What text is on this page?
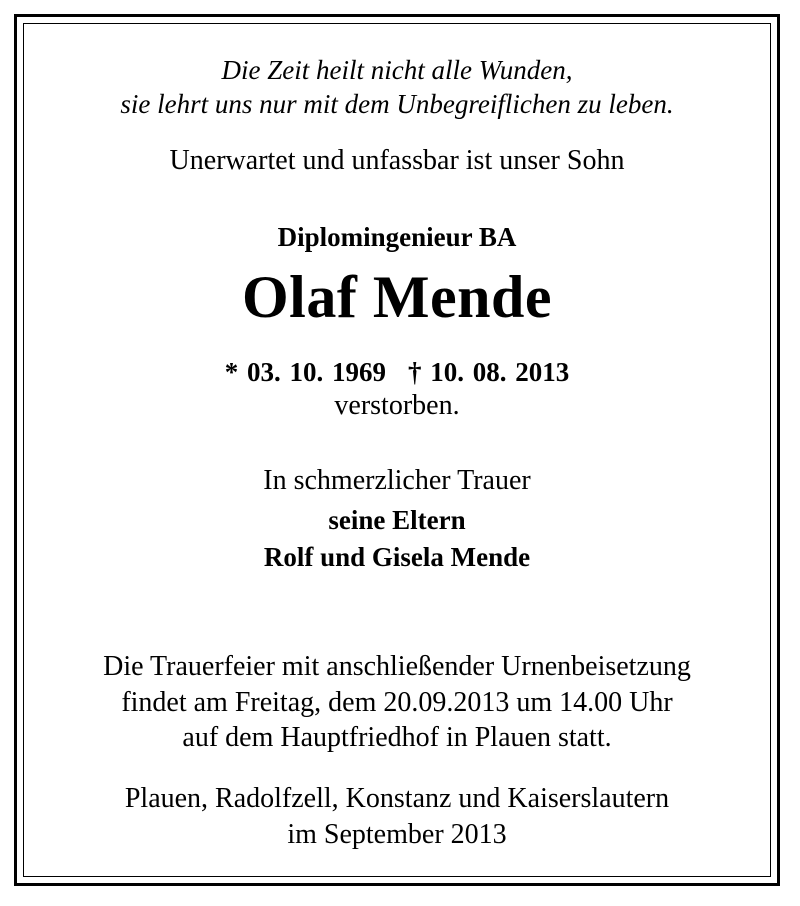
Die Zeit heilt nicht alle Wunden,
sie lehrt uns nur mit dem Unbegreiflichen zu leben.
Unerwartet und unfassbar ist unser Sohn
Diplomingenieur BA
Olaf Mende
* 03. 10. 1969 † 10. 08. 2013
verstorben.
In schmerzlicher Trauer
seine Eltern
Rolf und Gisela Mende
Die Trauerfeier mit anschließender Urnenbeisetzung
findet am Freitag, dem 20.09.2013 um 14.00 Uhr
auf dem Hauptfriedhof in Plauen statt.
Plauen, Radolfzell, Konstanz und Kaiserslautern
im September 2013
